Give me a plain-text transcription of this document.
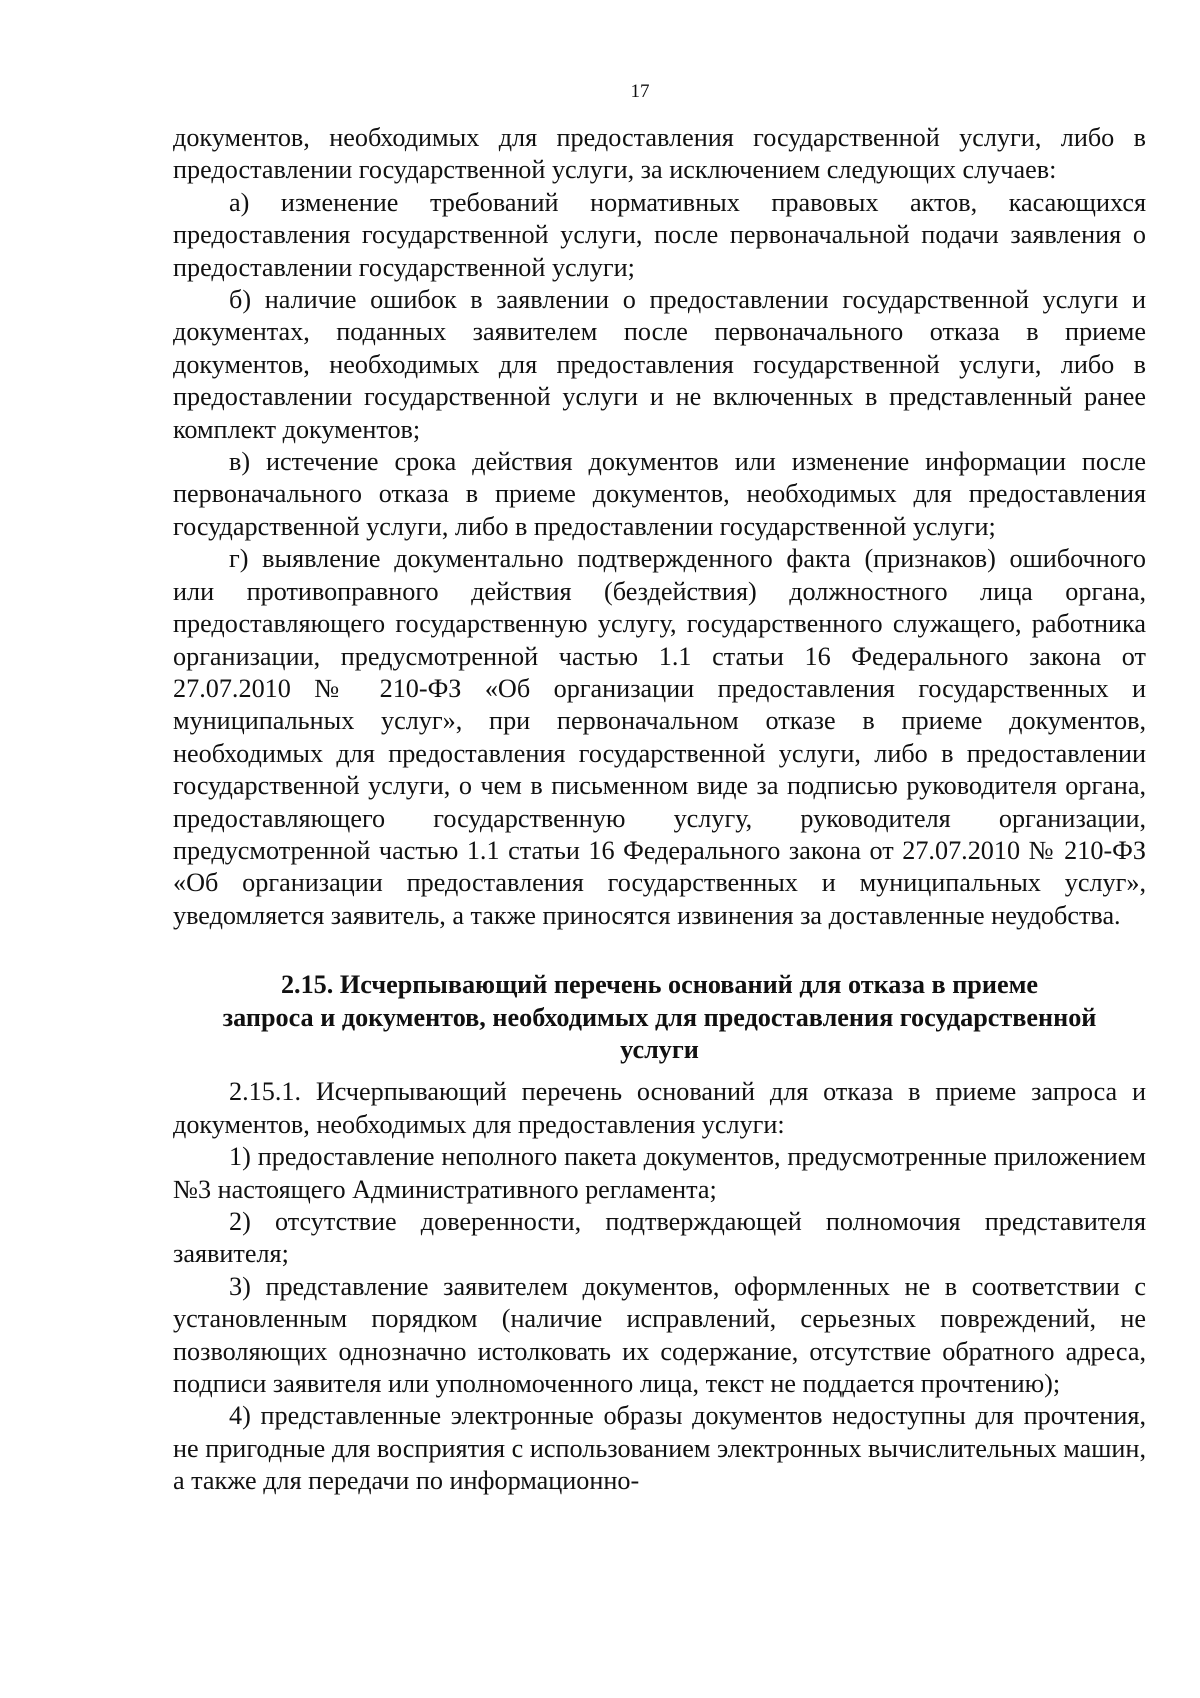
17

документов, необходимых для предоставления государственной услуги, либо в предоставлении государственной услуги, за исключением следующих случаев:

а) изменение требований нормативных правовых актов, касающихся предоставления государственной услуги, после первоначальной подачи заявления о предоставлении государственной услуги;

б) наличие ошибок в заявлении о предоставлении государственной услуги и документах, поданных заявителем после первоначального отказа в приеме документов, необходимых для предоставления государственной услуги, либо в предоставлении государственной услуги и не включенных в представленный ранее комплект документов;

в) истечение срока действия документов или изменение информации после первоначального отказа в приеме документов, необходимых для предоставления государственной услуги, либо в предоставлении государственной услуги;

г) выявление документально подтвержденного факта (признаков) ошибочного или противоправного действия (бездействия) должностного лица органа, предоставляющего государственную услугу, государственного служащего, работника организации, предусмотренной частью 1.1 статьи 16 Федерального закона от 27.07.2010 № 210-ФЗ «Об организации предоставления государственных и муниципальных услуг», при первоначальном отказе в приеме документов, необходимых для предоставления государственной услуги, либо в предоставлении государственной услуги, о чем в письменном виде за подписью руководителя органа, предоставляющего государственную услугу, руководителя организации, предусмотренной частью 1.1 статьи 16 Федерального закона от 27.07.2010 № 210-ФЗ «Об организации предоставления государственных и муниципальных услуг», уведомляется заявитель, а также приносятся извинения за доставленные неудобства.

2.15. Исчерпывающий перечень оснований для отказа в приеме
запроса и документов, необходимых для предоставления государственной
услуги

2.15.1. Исчерпывающий перечень оснований для отказа в приеме запроса и документов, необходимых для предоставления услуги:

1) предоставление неполного пакета документов, предусмотренные приложением №3 настоящего Административного регламента;

2) отсутствие доверенности, подтверждающей полномочия представителя заявителя;

3) представление заявителем документов, оформленных не в соответствии с установленным порядком (наличие исправлений, серьезных повреждений, не позволяющих однозначно истолковать их содержание, отсутствие обратного адреса, подписи заявителя или уполномоченного лица, текст не поддается прочтению);

4) представленные электронные образы документов недоступны для прочтения, не пригодные для восприятия с использованием электронных вычислительных машин, а также для передачи по информационно-
